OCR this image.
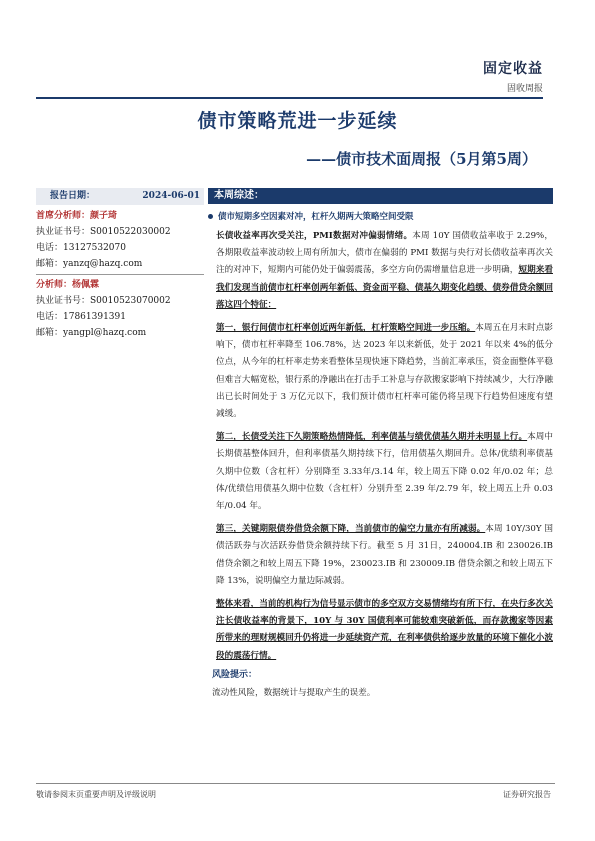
固定收益
固收周报
债市策略荒进一步延续
——债市技术面周报（5月第5周）
报告日期：	2024-06-01
首席分析师：颜子琦
执业证书号：S0010522030002
电话：13127532070
邮箱：yanzq@hazq.com
分析师：杨佩霖
执业证书号：S0010523070002
电话：17861391391
邮箱：yangpl@hazq.com
本周综述：
债市短期多空因素对冲，杠杆久期两大策略空间受限
长债收益率再次受关注，PMI数据对冲偏弱情绪。本周 10Y 国债收益率收于 2.29%，各期限收益率波动较上周有所加大，债市在偏弱的 PMI 数据与央行对长债收益率再次关注的对冲下，短期内可能仍处于偏弱震荡，多空方向仍需增量信息进一步明确，短期来看我们发现当前债市杠杆率创两年新低、资金面平稳、债基久期变化趋缓、债券借贷余额回落这四个特征：
第一，银行间债市杠杆率创近两年新低，杠杆策略空间进一步压缩。本周五在月末时点影响下，债市杠杆率降至 106.78%，达 2023 年以来新低，处于 2021 年以来 4%的低分位点，从今年的杠杆率走势来看整体呈现快速下降趋势，当前汇率承压，资金面整体平稳但难言大幅宽松，银行系的净融出在打击手工补息与存款搬家影响下持续减少，大行净融出已长时间处于 3 万亿元以下，我们预计债市杠杆率可能仍将呈现下行趋势但速度有望减缓。
第二，长债受关注下久期策略热情降低，利率债基与绩优债基久期并未明显上行。本周中长期债基整体回升，但利率债基久期持续下行，信用债基久期回升。总体/优绩利率债基久期中位数（含杠杆）分别降至 3.33年/3.14 年，较上周五下降 0.02 年/0.02 年；总体/优绩信用债基久期中位数（含杠杆）分别升至 2.39 年/2.79 年，较上周五上升 0.03 年/0.04 年。
第三，关键期限债券借贷余额下降，当前债市的偏空力量亦有所减弱。本周 10Y/30Y 国债活跃券与次活跃券借贷余额持续下行。截至 5 月 31日，240004.IB 和 230026.IB 借贷余额之和较上周五下降 19%，230023.IB 和 230009.IB 借贷余额之和较上周五下降 13%，说明偏空力量边际减弱。
整体来看，当前的机构行为信号显示债市的多空双方交易情绪均有所下行，在央行多次关注长债收益率的背景下，10Y 与 30Y 国债利率可能较难突破新低，而存款搬家等因素所带来的理财规模回升仍将进一步延续资产荒，在利率债供给逐步放量的环境下催化小波段的震荡行情。
风险提示：
流动性风险，数据统计与提取产生的误差。
敬请参阅末页重要声明及评级说明	证券研究报告
